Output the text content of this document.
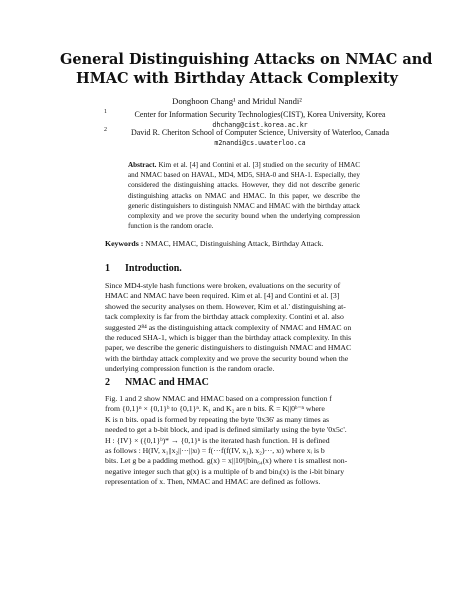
General Distinguishing Attacks on NMAC and
HMAC with Birthday Attack Complexity
Donghoon Chang¹ and Mridul Nandi²
1	Center for Information Security Technologies(CIST), Korea University, Korea
dhchang@cist.korea.ac.kr
2	David R. Cheriton School of Computer Science, University of Waterloo, Canada
m2nandi@cs.uwaterloo.ca
Abstract. Kim et al. [4] and Contini et al. [3] studied on the security of HMAC and NMAC based on HAVAL, MD4, MD5, SHA-0 and SHA-1. Especially, they considered the distinguishing attacks. However, they did not describe generic distinguishing attacks on NMAC and HMAC. In this paper, we describe the generic distinguishers to distinguish NMAC and HMAC with the birthday attack complexity and we prove the security bound when the underlying compression function is the random oracle.
Keywords : NMAC, HMAC, Distinguishing Attack, Birthday Attack.
1 Introduction.
Since MD4-style hash functions were broken, evaluations on the security of
HMAC and NMAC have been required. Kim et al. [4] and Contini et al. [3]
showed the security analyses on them. However, Kim et al.' distinguishing at-
tack complexity is far from the birthday attack complexity. Contini et al. also
suggested 2⁸⁴ as the distinguishing attack complexity of NMAC and HMAC on
the reduced SHA-1, which is bigger than the birthday attack complexity. In this
paper, we describe the generic distinguishers to distinguish NMAC and HMAC
with the birthday attack complexity and we prove the security bound when the
underlying compression function is the random oracle.
2 NMAC and HMAC
Fig. 1 and 2 show NMAC and HMAC based on a compression function f
from {0,1}ⁿ × {0,1}ᵇ to {0,1}ⁿ. K₁ and K₂ are n bits. K̄ = K||0ᵇ⁻ⁿ where
K is n bits. opad is formed by repeating the byte '0x36' as many times as
needed to get a b-bit block, and ipad is defined similarly using the byte '0x5c'.
H : {IV} × ({0,1}ᵇ)* → {0,1}ⁿ is the iterated hash function. H is defined
as follows : H(IV, x₁||x₂||···||xₗ) = f(···f(f(IV, x₁), x₂)···, xₗ) where xᵢ is b
bits. Let g be a padding method. g(x) = x||10ᵗ||bin₆₄(x) where t is smallest non-
negative integer such that g(x) is a multiple of b and binᵢ(x) is the i-bit binary
representation of x. Then, NMAC and HMAC are defined as follows.
